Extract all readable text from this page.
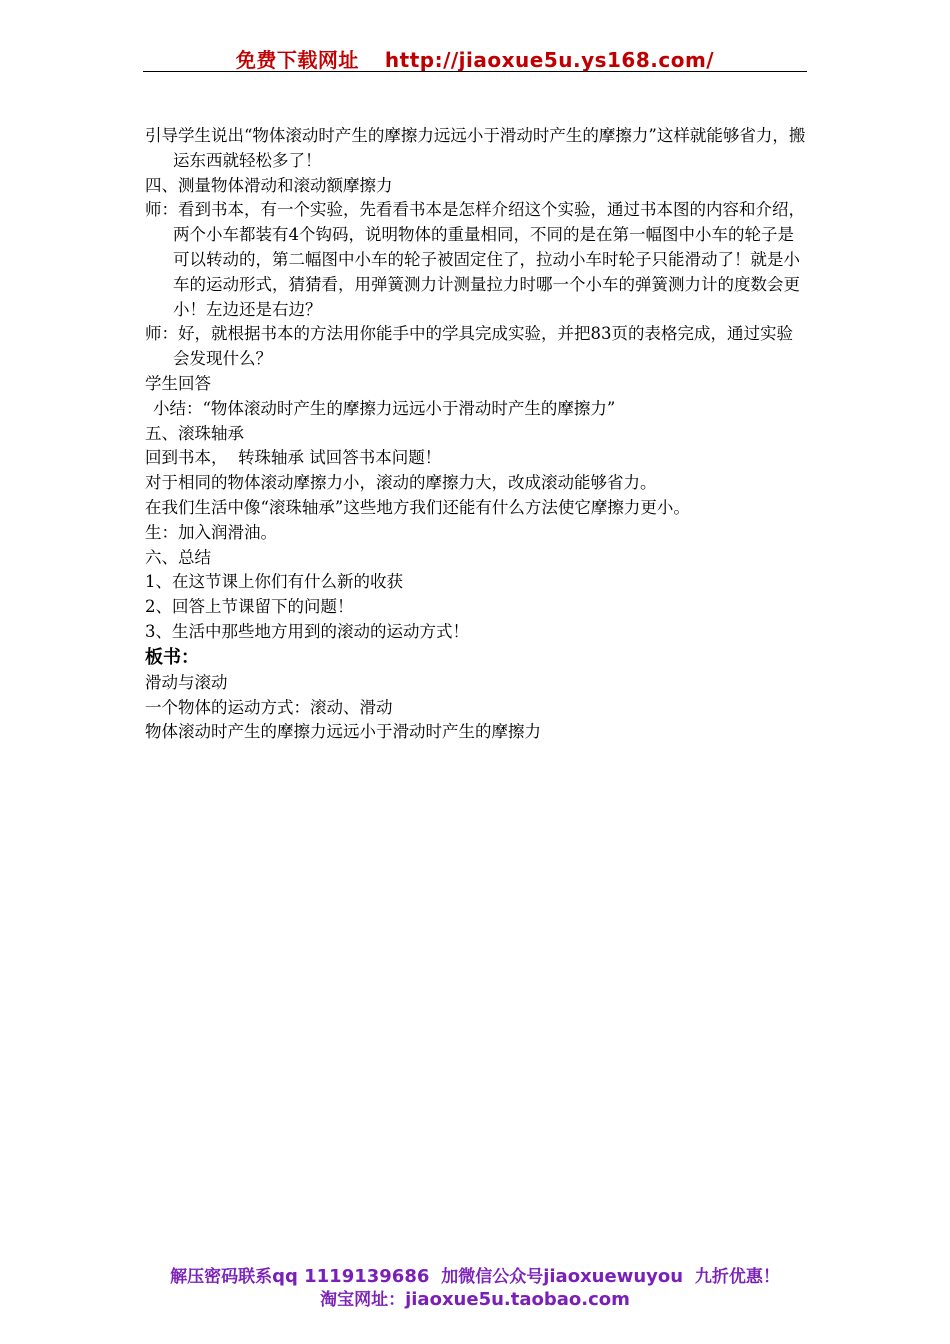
免费下载网址 http://jiaoxue5u.ys168.com/

引导学生说出“物体滚动时产生的摩擦力远远小于滑动时产生的摩擦力”这样就能够省力，搬运东西就轻松多了！

四、测量物体滑动和滚动额摩擦力

师：看到书本，有一个实验，先看看书本是怎样介绍这个实验，通过书本图的内容和介绍，两个小车都装有4个钩码，说明物体的重量相同，不同的是在第一幅图中小车的轮子是可以转动的，第二幅图中小车的轮子被固定住了，拉动小车时轮子只能滑动了！就是小车的运动形式，猜猜看，用弹簧测力计测量拉力时哪一个小车的弹簧测力计的度数会更小！左边还是右边？

师：好，就根据书本的方法用你能手中的学具完成实验，并把83页的表格完成，通过实验会发现什么？

学生回答

小结：“物体滚动时产生的摩擦力远远小于滑动时产生的摩擦力”

五、滚珠轴承

回到书本，  转珠轴承 试回答书本问题！

对于相同的物体滚动摩擦力小，滚动的摩擦力大，改成滚动能够省力。

在我们生活中像“滚珠轴承”这些地方我们还能有什么方法使它摩擦力更小。

生：加入润滑油。

六、总结

1、在这节课上你们有什么新的收获

2、回答上节课留下的问题！

3、生活中那些地方用到的滚动的运动方式！

板书：

滑动与滚动

一个物体的运动方式：滚动、滑动

物体滚动时产生的摩擦力远远小于滑动时产生的摩擦力

解压密码联系qq 1119139686 加微信公众号jiaoxuewuyou 九折优惠！
淘宝网址：jiaoxue5u.taobao.com
